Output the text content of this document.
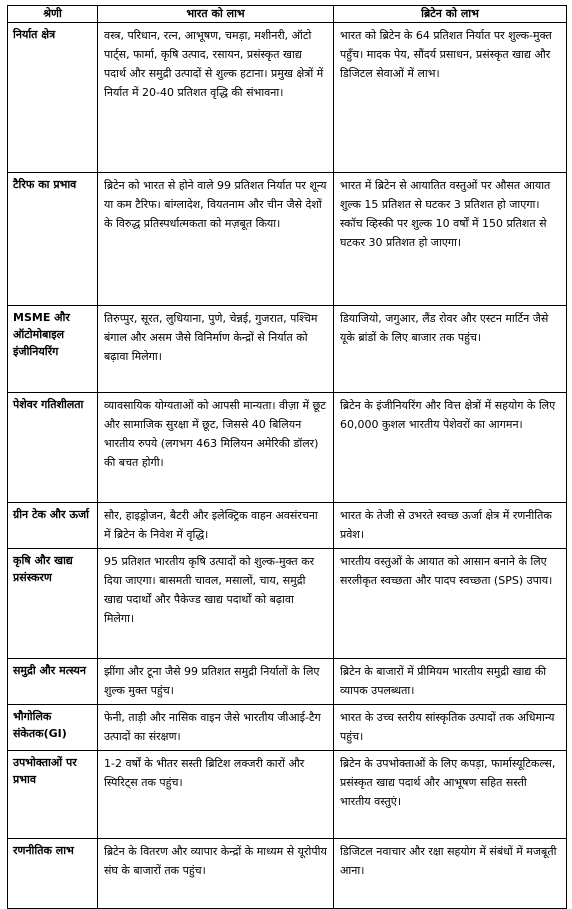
श्रेणी	भारत को लाभ	ब्रिटेन को लाभ
निर्यात क्षेत्र	वस्त्र, परिधान, रत्न, आभूषण, चमड़ा, मशीनरी, ऑटो पार्ट्स, फार्मा, कृषि उत्पाद, रसायन, प्रसंस्कृत खाद्य पदार्थ और समुद्री उत्पादों से शुल्क हटाना। प्रमुख क्षेत्रों में निर्यात में 20-40 प्रतिशत वृद्धि की संभावना।	भारत को ब्रिटेन के 64 प्रतिशत निर्यात पर शुल्क-मुक्त पहुँच। मादक पेय, सौंदर्य प्रसाधन, प्रसंस्कृत खाद्य और डिजिटल सेवाओं में लाभ।
टैरिफ का प्रभाव	ब्रिटेन को भारत से होने वाले 99 प्रतिशत निर्यात पर शून्य या कम टैरिफ। बांग्लादेश, वियतनाम और चीन जैसे देशों के विरुद्ध प्रतिस्पर्धात्मकता को मज़बूत किया।	भारत में ब्रिटेन से आयातित वस्तुओं पर औसत आयात शुल्क 15 प्रतिशत से घटकर 3 प्रतिशत हो जाएगा। स्कॉच व्हिस्की पर शुल्क 10 वर्षों में 150 प्रतिशत से घटकर 30 प्रतिशत हो जाएगा।
MSME और ऑटोमोबाइल इंजीनियरिंग	तिरुप्पुर, सूरत, लुधियाना, पुणे, चेन्नई, गुजरात, पश्चिम बंगाल और असम जैसे विनिर्माण केन्द्रों से निर्यात को बढ़ावा मिलेगा।	डियाजियो, जगुआर, लैंड रोवर और एस्टन मार्टिन जैसे यूके ब्रांडों के लिए बाजार तक पहुंच।
पेशेवर गतिशीलता	व्यावसायिक योग्यताओं को आपसी मान्यता। वीज़ा में छूट और सामाजिक सुरक्षा में छूट, जिससे 40 बिलियन भारतीय रुपये (लगभग 463 मिलियन अमेरिकी डॉलर) की बचत होगी।	ब्रिटेन के इंजीनियरिंग और वित्त क्षेत्रों में सहयोग के लिए 60,000 कुशल भारतीय पेशेवरों का आगमन।
ग्रीन टेक और ऊर्जा	सौर, हाइड्रोजन, बैटरी और इलेक्ट्रिक वाहन अवसंरचना में ब्रिटेन के निवेश में वृद्धि।	भारत के तेजी से उभरते स्वच्छ ऊर्जा क्षेत्र में रणनीतिक प्रवेश।
कृषि और खाद्य प्रसंस्करण	95 प्रतिशत भारतीय कृषि उत्पादों को शुल्क-मुक्त कर दिया जाएगा। बासमती चावल, मसालों, चाय, समुद्री खाद्य पदार्थों और पैकेज्ड खाद्य पदार्थों को बढ़ावा मिलेगा।	भारतीय वस्तुओं के आयात को आसान बनाने के लिए सरलीकृत स्वच्छता और पादप स्वच्छता (SPS) उपाय।
समुद्री और मत्स्यन	झींगा और टूना जैसे 99 प्रतिशत समुद्री निर्यातों के लिए शुल्क मुक्त पहुंच।	ब्रिटेन के बाजारों में प्रीमियम भारतीय समुद्री खाद्य की व्यापक उपलब्धता।
भौगोलिक संकेतक(GI)	फेनी, ताड़ी और नासिक वाइन जैसे भारतीय जीआई-टैग उत्पादों का संरक्षण।	भारत के उच्च स्तरीय सांस्कृतिक उत्पादों तक अधिमान्य पहुंच।
उपभोक्ताओं पर प्रभाव	1-2 वर्षों के भीतर सस्ती ब्रिटिश लक्जरी कारों और स्पिरिट्स तक पहुंच।	ब्रिटेन के उपभोक्ताओं के लिए कपड़ा, फार्मास्यूटिकल्स, प्रसंस्कृत खाद्य पदार्थ और आभूषण सहित सस्ती भारतीय वस्तुएं।
रणनीतिक लाभ	ब्रिटेन के वितरण और व्यापार केन्द्रों के माध्यम से यूरोपीय संघ के बाजारों तक पहुंच।	डिजिटल नवाचार और रक्षा सहयोग में संबंधों में मजबूती आना।
